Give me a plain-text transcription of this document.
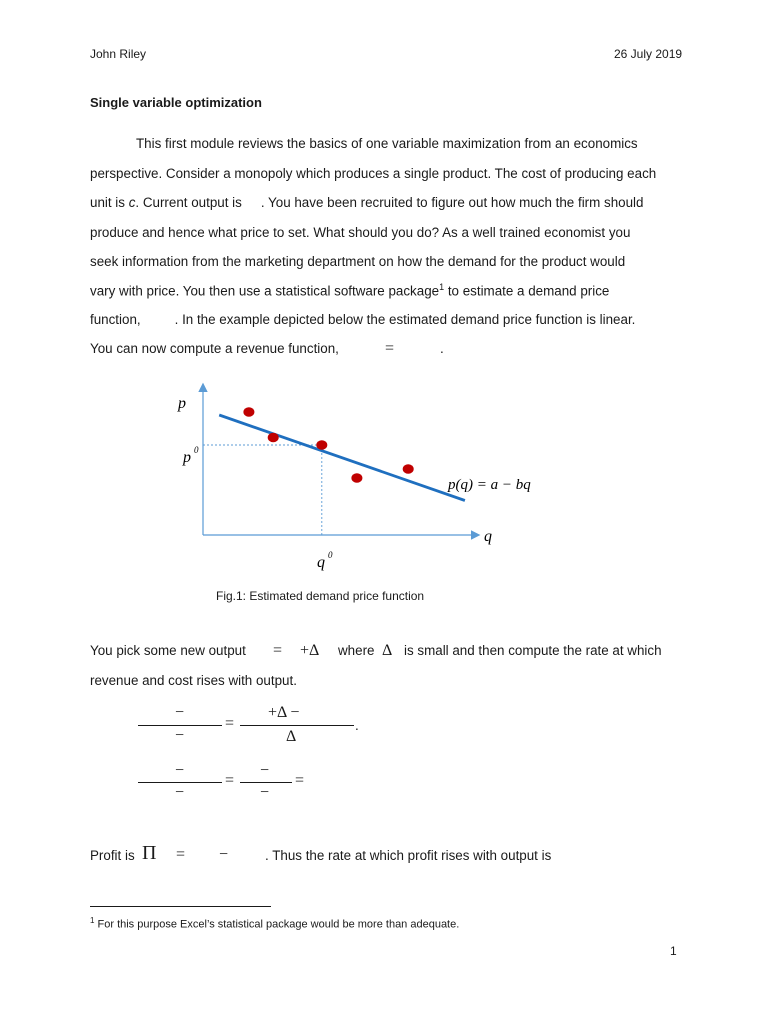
John Riley	26 July 2019
Single variable optimization
This first module reviews the basics of one variable maximization from an economics
perspective. Consider a monopoly which produces a single product. The cost of producing each
unit is c. Current output is . You have been recruited to figure out how much the firm should
produce and hence what price to set. What should you do? As a well trained economist you
seek information from the marketing department on how the demand for the product would
vary with price. You then use a statistical software package$^1$ to estimate a demand price
function,	. In the example depicted below the estimated demand price function is linear.
You can now compute a revenue function,	=	.
p
p 0
q
q 0
p(q) = a − bq
Fig.1: Estimated demand price function
You pick some new output = +Δ where Δ is small and then compute the rate at which
revenue and cost rises with output.
−
−
=
+Δ −
Δ
.
−
−
=
−
−
=
Profit is Π = −	. Thus the rate at which profit rises with output is
$^1$ For this purpose Excel’s statistical package would be more than adequate.
1
